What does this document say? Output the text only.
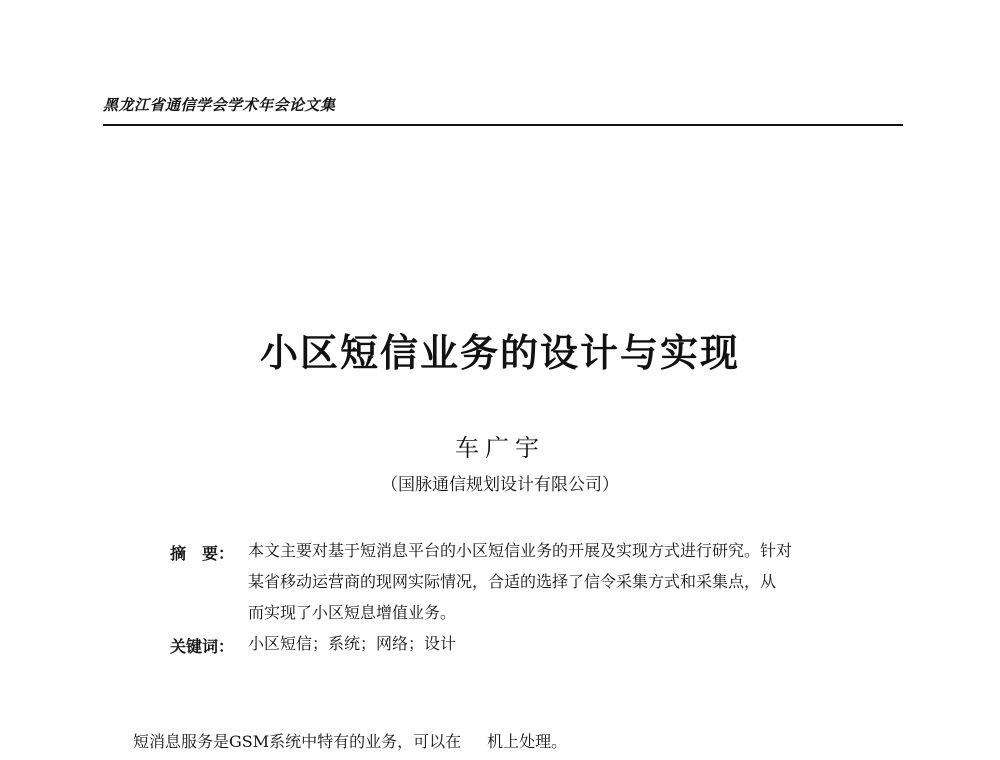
黑龙江省通信学会学术年会论文集
小区短信业务的设计与实现
车广宇
（国脉通信规划设计有限公司）
摘　要： 本文主要对基于短消息平台的小区短信业务的开展及实现方式进行研究。针对
某省移动运营商的现网实际情况，合适的选择了信令采集方式和采集点，从
而实现了小区短息增值业务。
关键词： 小区短信；系统；网络；设计
短消息服务是GSM系统中特有的业务，可以在 机上处理。
